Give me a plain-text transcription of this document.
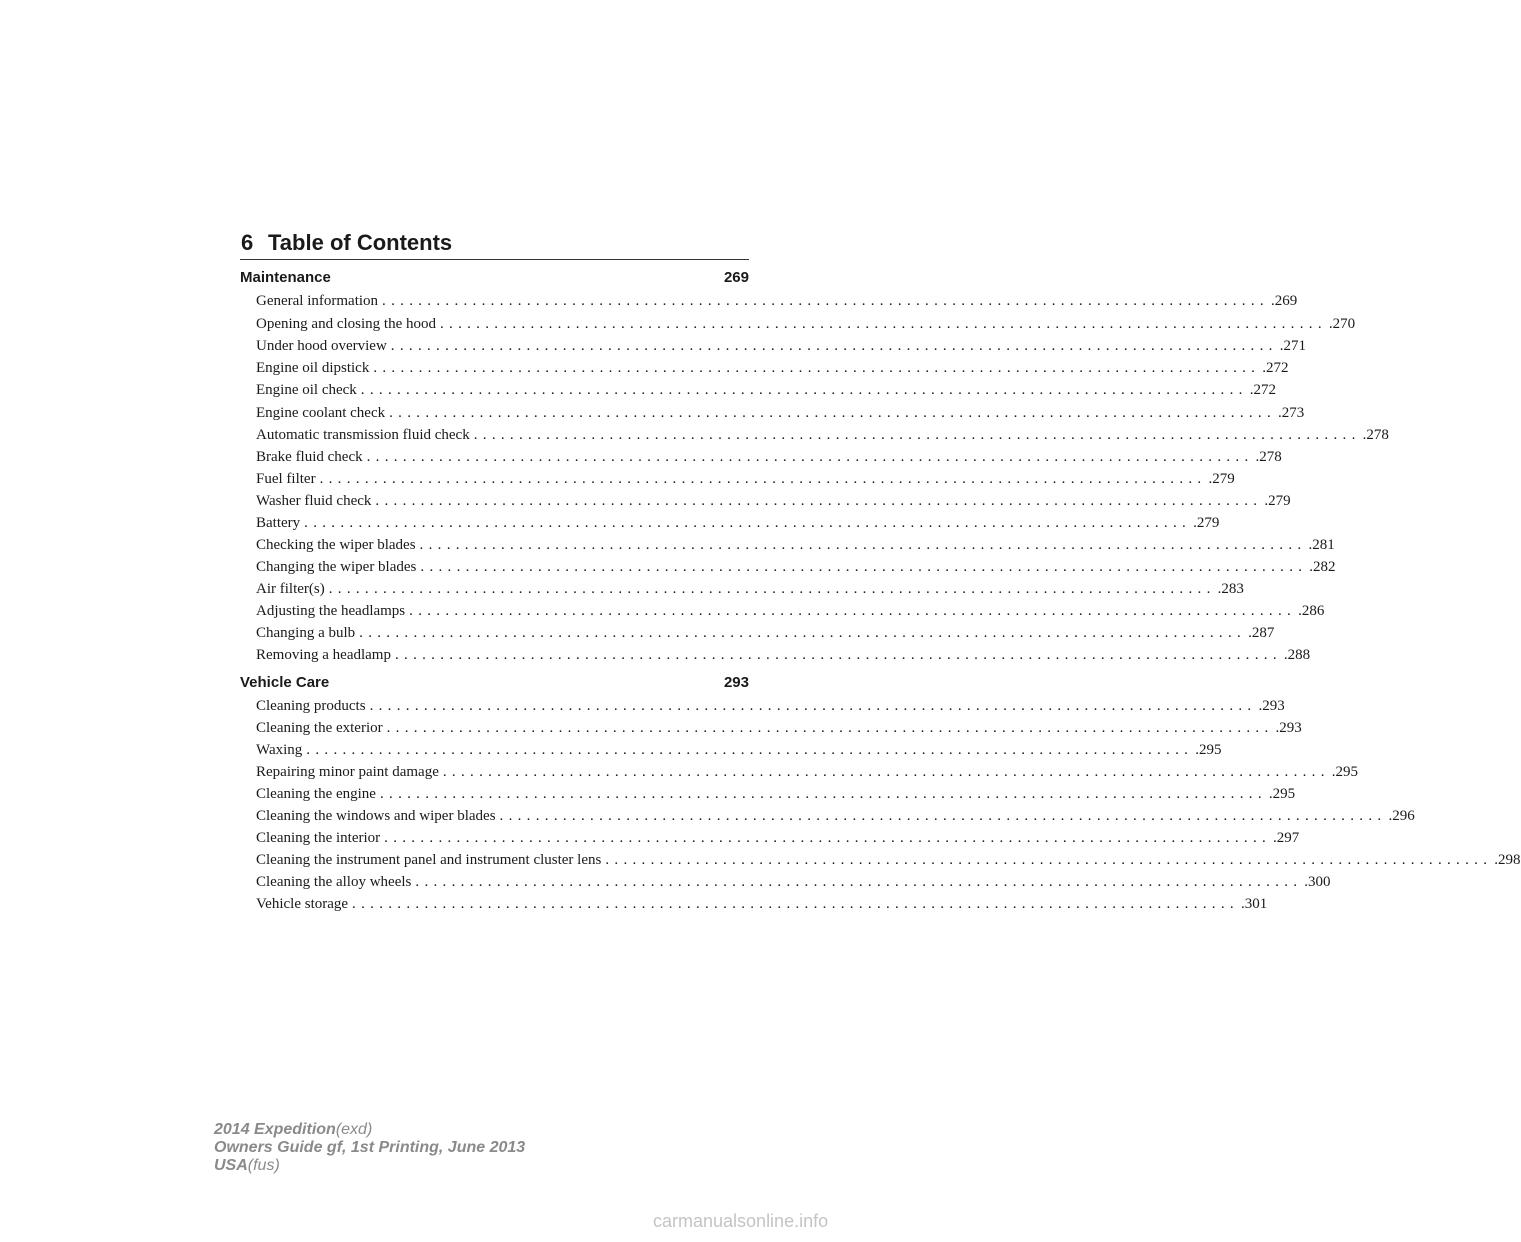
6 Table of Contents
Maintenance	269
General information .................................................................................................. .269
Opening and closing the hood .................................................................................................. .270
Under hood overview .................................................................................................. .271
Engine oil dipstick .................................................................................................. .272
Engine oil check .................................................................................................. .272
Engine coolant check .................................................................................................. .273
Automatic transmission fluid check .................................................................................................. .278
Brake fluid check .................................................................................................. .278
Fuel filter .................................................................................................. .279
Washer fluid check .................................................................................................. .279
Battery .................................................................................................. .279
Checking the wiper blades .................................................................................................. .281
Changing the wiper blades .................................................................................................. .282
Air filter(s) .................................................................................................. .283
Adjusting the headlamps .................................................................................................. .286
Changing a bulb .................................................................................................. .287
Removing a headlamp .................................................................................................. .288
Vehicle Care	293
Cleaning products .................................................................................................. .293
Cleaning the exterior .................................................................................................. .293
Waxing .................................................................................................. .295
Repairing minor paint damage .................................................................................................. .295
Cleaning the engine .................................................................................................. .295
Cleaning the windows and wiper blades .................................................................................................. .296
Cleaning the interior .................................................................................................. .297
Cleaning the instrument panel and instrument cluster lens .................................................................................................. .298
Cleaning the alloy wheels .................................................................................................. .300
Vehicle storage .................................................................................................. .301
2014 Expedition(exd)
Owners Guide gf, 1st Printing, June 2013
USA(fus)
carmanualsonline.info
